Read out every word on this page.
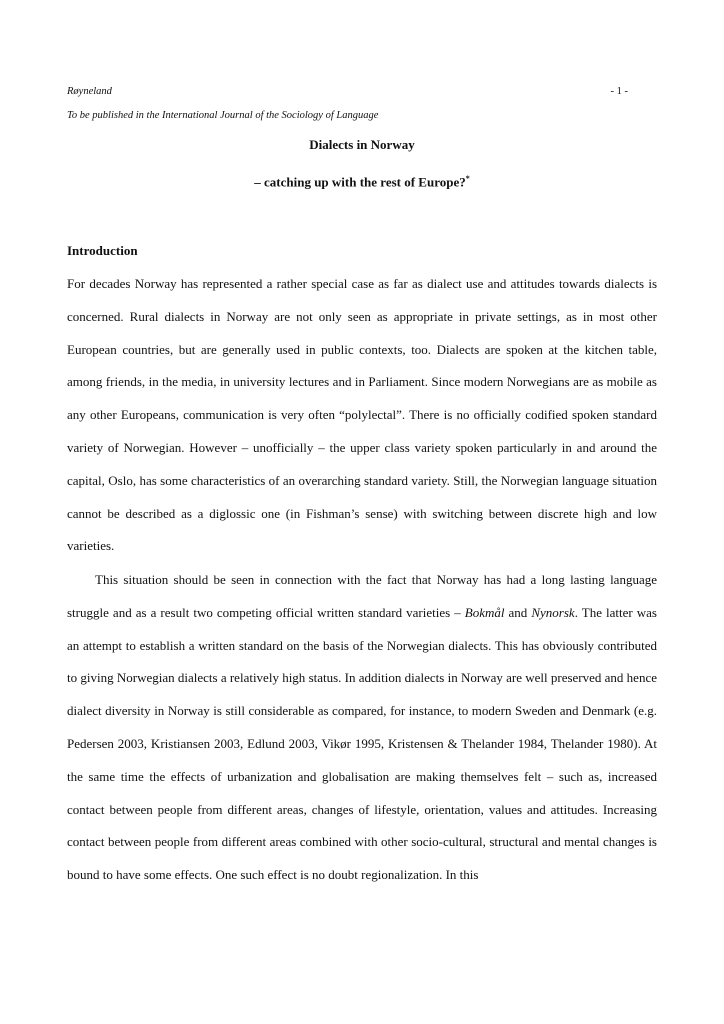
Røyneland	- 1 -
To be published in the International Journal of the Sociology of Language
Dialects in Norway
– catching up with the rest of Europe?*
Introduction

For decades Norway has represented a rather special case as far as dialect use and attitudes towards dialects is concerned. Rural dialects in Norway are not only seen as appropriate in private settings, as in most other European countries, but are generally used in public contexts, too. Dialects are spoken at the kitchen table, among friends, in the media, in university lectures and in Parliament. Since modern Norwegians are as mobile as any other Europeans, communication is very often “polylectal”. There is no officially codified spoken standard variety of Norwegian. However – unofficially – the upper class variety spoken particularly in and around the capital, Oslo, has some characteristics of an overarching standard variety. Still, the Norwegian language situation cannot be described as a diglossic one (in Fishman’s sense) with switching between discrete high and low varieties.

This situation should be seen in connection with the fact that Norway has had a long lasting language struggle and as a result two competing official written standard varieties – Bokmål and Nynorsk. The latter was an attempt to establish a written standard on the basis of the Norwegian dialects. This has obviously contributed to giving Norwegian dialects a relatively high status. In addition dialects in Norway are well preserved and hence dialect diversity in Norway is still considerable as compared, for instance, to modern Sweden and Denmark (e.g. Pedersen 2003, Kristiansen 2003, Edlund 2003, Vikør 1995, Kristensen & Thelander 1984, Thelander 1980). At the same time the effects of urbanization and globalisation are making themselves felt – such as, increased contact between people from different areas, changes of lifestyle, orientation, values and attitudes. Increasing contact between people from different areas combined with other socio-cultural, structural and mental changes is bound to have some effects. One such effect is no doubt regionalization. In this
